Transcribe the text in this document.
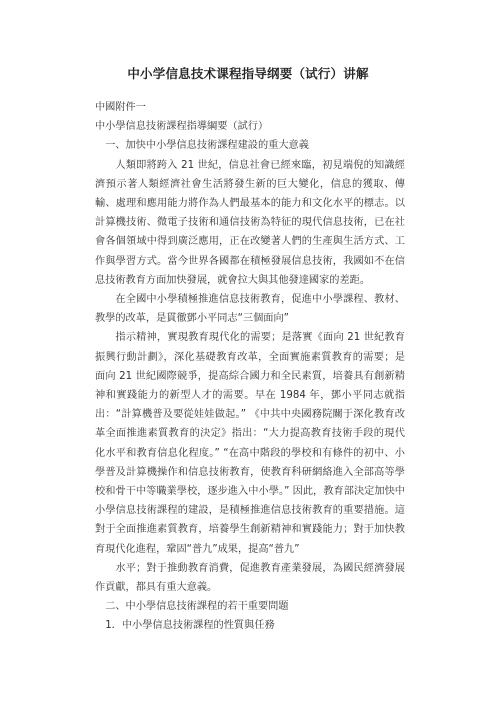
中小学信息技术课程指导纲要（试行）讲解

中國附件一

中小學信息技術課程指導綱要（試行）

一、加快中小學信息技術課程建設的重大意義

人類即將跨入 21 世紀，信息社會已經來臨，初見端倪的知識經濟預示著人類經濟社會生活將發生新的巨大變化，信息的獲取、傳輸、處理和應用能力將作為人們最基本的能力和文化水平的標志。以計算機技術、微電子技術和通信技術為特征的現代信息技術，已在社會各個領域中得到廣泛應用，正在改變著人們的生產與生活方式、工作與學習方式。當今世界各國都在積極發展信息技術，我國如不在信息技術教育方面加快發展，就會拉大與其他發達國家的差距。

在全國中小學積極推進信息技術教育，促進中小學課程、教材、教學的改革，是貫徹鄧小平同志“三個面向”

指示精神，實現教育現代化的需要；是落實《面向 21 世紀教育振興行動計劃》，深化基礎教育改革，全面實施素質教育的需要；是面向 21 世紀國際競爭，提高綜合國力和全民素質，培養具有創新精神和實踐能力的新型人才的需要。早在 1984 年，鄧小平同志就指出：“計算機普及要從娃娃做起。” 《中共中央國務院關于深化教育改革全面推進素質教育的決定》指出：“大力提高教育技術手段的現代化水平和教育信息化程度。” “在高中階段的學校和有條件的初中、小學普及計算機操作和信息技術教育，使教育科研網絡進入全部高等學校和骨干中等職業學校，逐步進入中小學。” 因此，教育部決定加快中小學信息技術課程的建設，是積極推進信息技術教育的重要措施。這對于全面推進素質教育，培養學生創新精神和實踐能力；對于加快教育現代化進程，鞏固“普九”成果，提高“普九”

水平；對于推動教育消費，促進教育產業發展，為國民經濟發展作貢獻，都具有重大意義。

二、中小學信息技術課程的若干重要問題

1．中小學信息技術課程的性質與任務
